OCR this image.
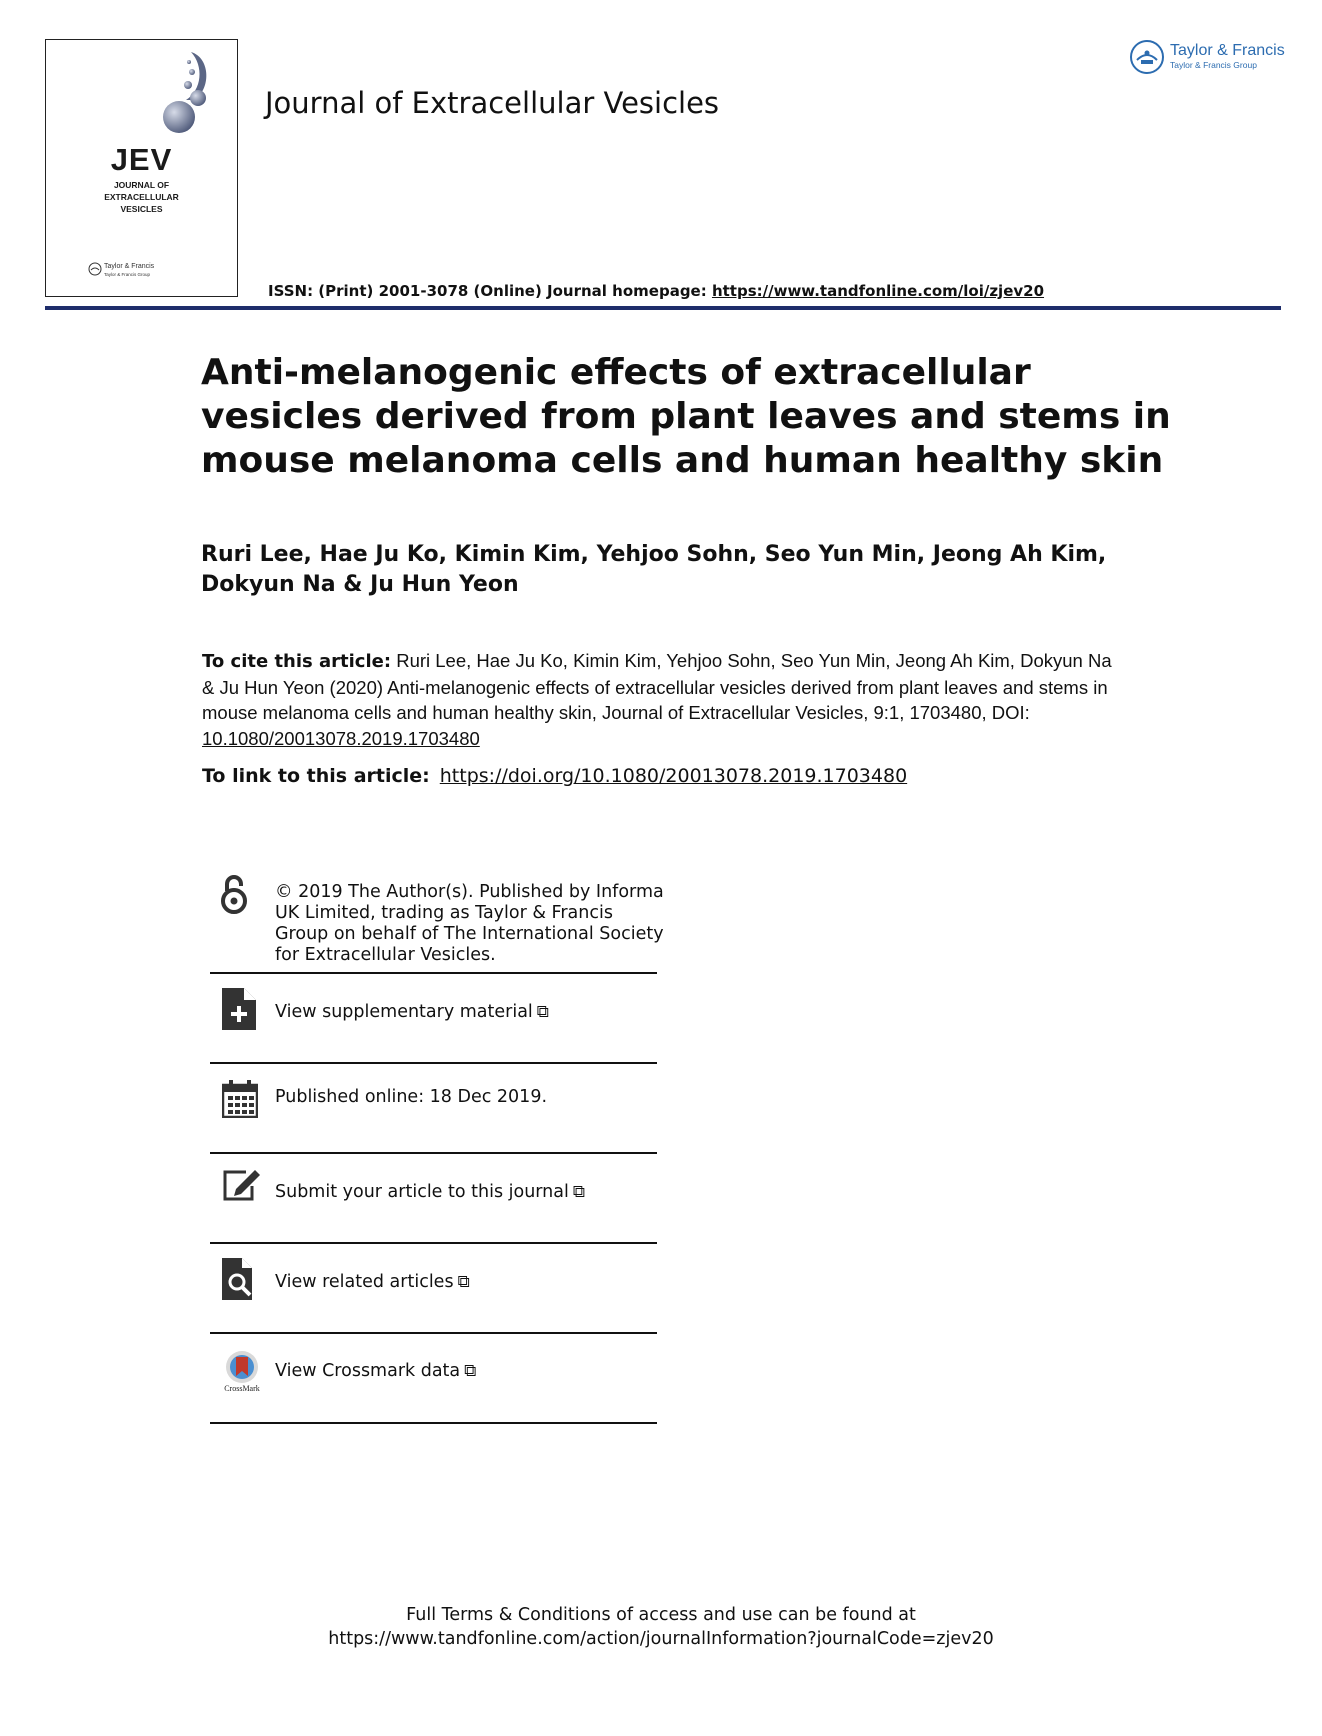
JEV
JOURNAL OF
EXTRACELLULAR
VESICLES
Taylor & Francis
Taylor & Francis Group
Journal of Extracellular Vesicles
ISSN: (Print) 2001-3078 (Online) Journal homepage: https://www.tandfonline.com/loi/zjev20
Taylor & Francis
Taylor & Francis Group
Anti-melanogenic effects of extracellular vesicles derived from plant leaves and stems in mouse melanoma cells and human healthy skin
Ruri Lee, Hae Ju Ko, Kimin Kim, Yehjoo Sohn, Seo Yun Min, Jeong Ah Kim, Dokyun Na & Ju Hun Yeon
To cite this article: Ruri Lee, Hae Ju Ko, Kimin Kim, Yehjoo Sohn, Seo Yun Min, Jeong Ah Kim, Dokyun Na & Ju Hun Yeon (2020) Anti-melanogenic effects of extracellular vesicles derived from plant leaves and stems in mouse melanoma cells and human healthy skin, Journal of Extracellular Vesicles, 9:1, 1703480, DOI: 10.1080/20013078.2019.1703480
To link to this article: https://doi.org/10.1080/20013078.2019.1703480
© 2019 The Author(s). Published by Informa UK Limited, trading as Taylor & Francis Group on behalf of The International Society for Extracellular Vesicles.
View supplementary material ⧉
Published online: 18 Dec 2019.
Submit your article to this journal ⧉
View related articles ⧉
CrossMark
View Crossmark data ⧉
Full Terms & Conditions of access and use can be found at
https://www.tandfonline.com/action/journalInformation?journalCode=zjev20
